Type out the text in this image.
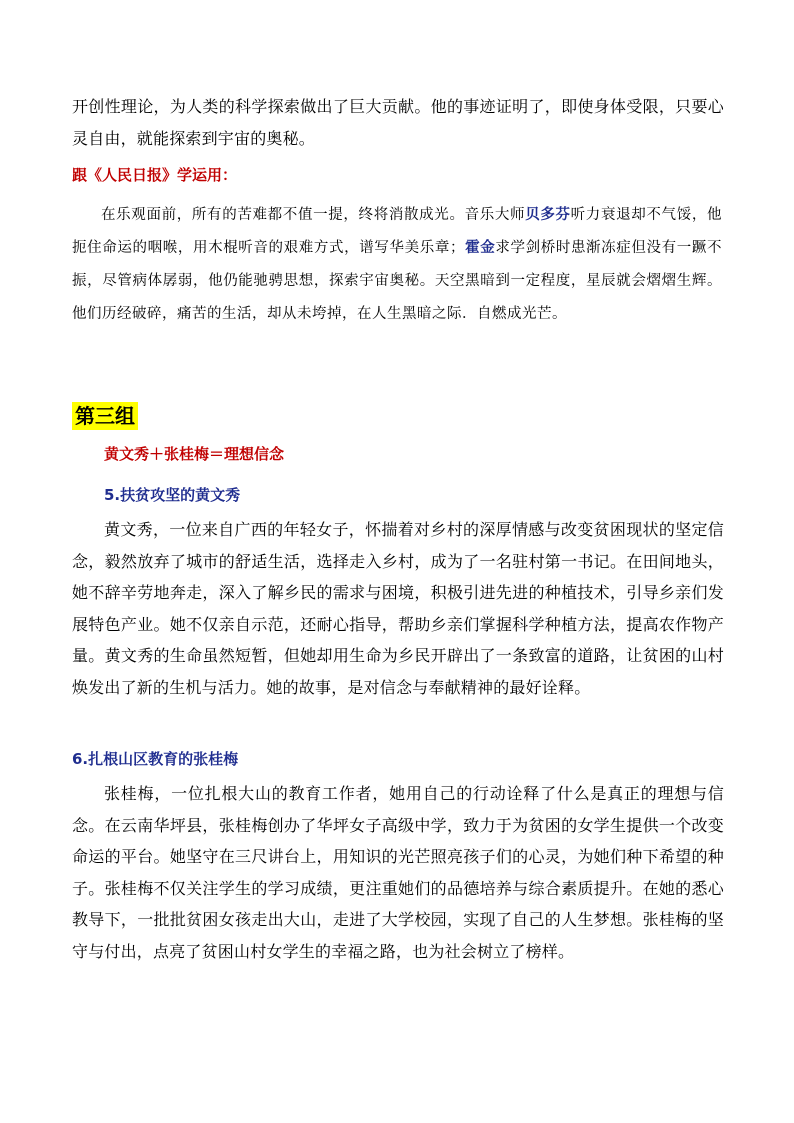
开创性理论，为人类的科学探索做出了巨大贡献。他的事迹证明了，即使身体受限，只要心灵自由，就能探索到宇宙的奥秘。

跟《人民日报》学运用：

在乐观面前，所有的苦难都不值一提，终将消散成光。音乐大师贝多芬听力衰退却不气馁，他扼住命运的咽喉，用木棍听音的艰难方式，谱写华美乐章；霍金求学剑桥时患渐冻症但没有一蹶不振，尽管病体孱弱，他仍能驰骋思想，探索宇宙奥秘。天空黑暗到一定程度，星辰就会熠熠生辉。他们历经破碎，痛苦的生活，却从未垮掉，在人生黑暗之际．自燃成光芒。

第三组

黄文秀＋张桂梅＝理想信念

5.扶贫攻坚的黄文秀

黄文秀，一位来自广西的年轻女子，怀揣着对乡村的深厚情感与改变贫困现状的坚定信念，毅然放弃了城市的舒适生活，选择走入乡村，成为了一名驻村第一书记。在田间地头，她不辞辛劳地奔走，深入了解乡民的需求与困境，积极引进先进的种植技术，引导乡亲们发展特色产业。她不仅亲自示范，还耐心指导，帮助乡亲们掌握科学种植方法，提高农作物产量。黄文秀的生命虽然短暂，但她却用生命为乡民开辟出了一条致富的道路，让贫困的山村焕发出了新的生机与活力。她的故事，是对信念与奉献精神的最好诠释。

6.扎根山区教育的张桂梅

张桂梅，一位扎根大山的教育工作者，她用自己的行动诠释了什么是真正的理想与信念。在云南华坪县，张桂梅创办了华坪女子高级中学，致力于为贫困的女学生提供一个改变命运的平台。她坚守在三尺讲台上，用知识的光芒照亮孩子们的心灵，为她们种下希望的种子。张桂梅不仅关注学生的学习成绩，更注重她们的品德培养与综合素质提升。在她的悉心教导下，一批批贫困女孩走出大山，走进了大学校园，实现了自己的人生梦想。张桂梅的坚守与付出，点亮了贫困山村女学生的幸福之路，也为社会树立了榜样。
